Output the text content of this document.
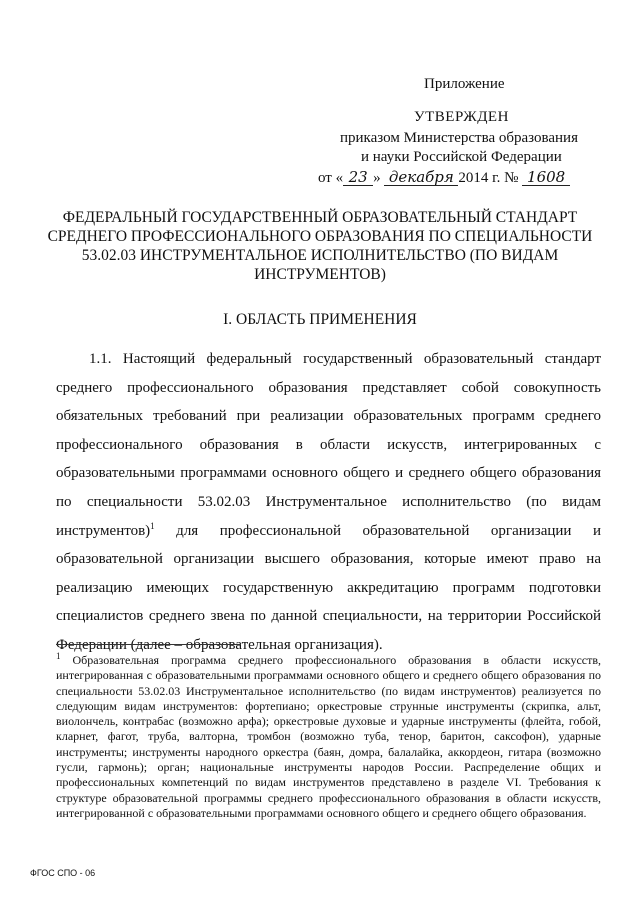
Приложение
УТВЕРЖДЕН
приказом Министерства образования
и науки Российской Федерации
от « 23 » декабря 2014 г. № 1608
ФЕДЕРАЛЬНЫЙ ГОСУДАРСТВЕННЫЙ ОБРАЗОВАТЕЛЬНЫЙ СТАНДАРТ СРЕДНЕГО ПРОФЕССИОНАЛЬНОГО ОБРАЗОВАНИЯ ПО СПЕЦИАЛЬНОСТИ 53.02.03 ИНСТРУМЕНТАЛЬНОЕ ИСПОЛНИТЕЛЬСТВО (ПО ВИДАМ ИНСТРУМЕНТОВ)
I. ОБЛАСТЬ ПРИМЕНЕНИЯ
1.1. Настоящий федеральный государственный образовательный стандарт среднего профессионального образования представляет собой совокупность обязательных требований при реализации образовательных программ среднего профессионального образования в области искусств, интегрированных с образовательными программами основного общего и среднего общего образования по специальности 53.02.03 Инструментальное исполнительство (по видам инструментов)$^1$ для профессиональной образовательной организации и образовательной организации высшего образования, которые имеют право на реализацию имеющих государственную аккредитацию программ подготовки специалистов среднего звена по данной специальности, на территории Российской Федерации (далее – образовательная организация).
$^1$ Образовательная программа среднего профессионального образования в области искусств, интегрированная с образовательными программами основного общего и среднего общего образования по специальности 53.02.03 Инструментальное исполнительство (по видам инструментов) реализуется по следующим видам инструментов: фортепиано; оркестровые струнные инструменты (скрипка, альт, виолончель, контрабас (возможно арфа); оркестровые духовые и ударные инструменты (флейта, гобой, кларнет, фагот, труба, валторна, тромбон (возможно туба, тенор, баритон, саксофон), ударные инструменты; инструменты народного оркестра (баян, домра, балалайка, аккордеон, гитара (возможно гусли, гармонь); орган; национальные инструменты народов России. Распределение общих и профессиональных компетенций по видам инструментов представлено в разделе VI. Требования к структуре образовательной программы среднего профессионального образования в области искусств, интегрированной с образовательными программами основного общего и среднего общего образования.
ФГОС СПО - 06
